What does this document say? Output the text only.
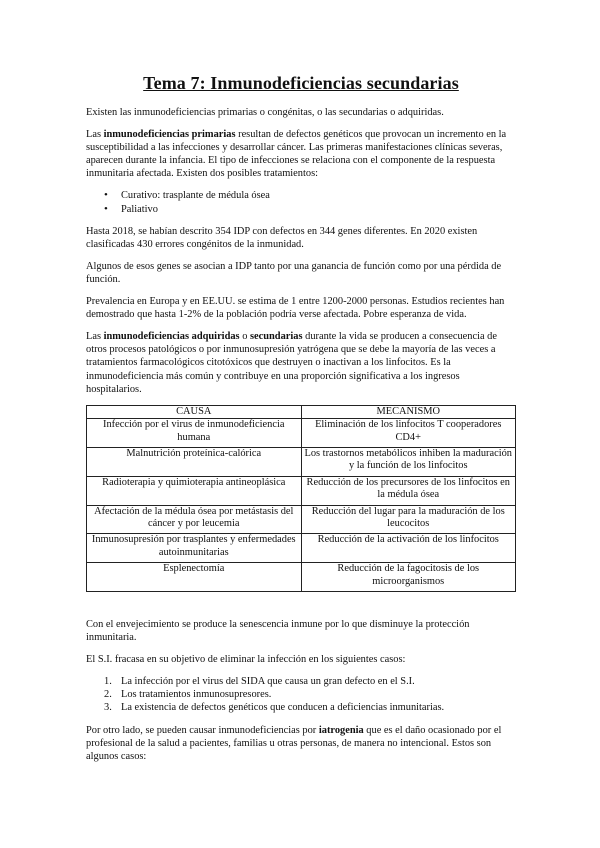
Tema 7: Inmunodeficiencias secundarias

Existen las inmunodeficiencias primarias o congénitas, o las secundarias o adquiridas.

Las inmunodeficiencias primarias resultan de defectos genéticos que provocan un incremento en la susceptibilidad a las infecciones y desarrollar cáncer. Las primeras manifestaciones clínicas severas, aparecen durante la infancia. El tipo de infecciones se relaciona con el componente de la respuesta inmunitaria afectada. Existen dos posibles tratamientos:

• Curativo: trasplante de médula ósea
• Paliativo

Hasta 2018, se habían descrito 354 IDP con defectos en 344 genes diferentes. En 2020 existen clasificadas 430 errores congénitos de la inmunidad.

Algunos de esos genes se asocian a IDP tanto por una ganancia de función como por una pérdida de función.

Prevalencia en Europa y en EE.UU. se estima de 1 entre 1200-2000 personas. Estudios recientes han demostrado que hasta 1-2% de la población podría verse afectada. Pobre esperanza de vida.

Las inmunodeficiencias adquiridas o secundarias durante la vida se producen a consecuencia de otros procesos patológicos o por inmunosupresión yatrógena que se debe la mayoría de las veces a tratamientos farmacológicos citotóxicos que destruyen o inactivan a los linfocitos. Es la inmunodeficiencia más común y contribuye en una proporción significativa a los ingresos hospitalarios.

CAUSA	MECANISMO
Infección por el virus de inmunodeficiencia humana	Eliminación de los linfocitos T cooperadores CD4+
Malnutrición proteínica-calórica	Los trastornos metabólicos inhiben la maduración y la función de los linfocitos
Radioterapia y quimioterapia antineoplásica	Reducción de los precursores de los linfocitos en la médula ósea
Afectación de la médula ósea por metástasis del cáncer y por leucemia	Reducción del lugar para la maduración de los leucocitos
Inmunosupresión por trasplantes y enfermedades autoinmunitarias	Reducción de la activación de los linfocitos
Esplenectomía	Reducción de la fagocitosis de los microorganismos

Con el envejecimiento se produce la senescencia inmune por lo que disminuye la protección inmunitaria.

El S.I. fracasa en su objetivo de eliminar la infección en los siguientes casos:

1. La infección por el virus del SIDA que causa un gran defecto en el S.I.
2. Los tratamientos inmunosupresores.
3. La existencia de defectos genéticos que conducen a deficiencias inmunitarias.

Por otro lado, se pueden causar inmunodeficiencias por iatrogenia que es el daño ocasionado por el profesional de la salud a pacientes, familias u otras personas, de manera no intencional. Estos son algunos casos:
